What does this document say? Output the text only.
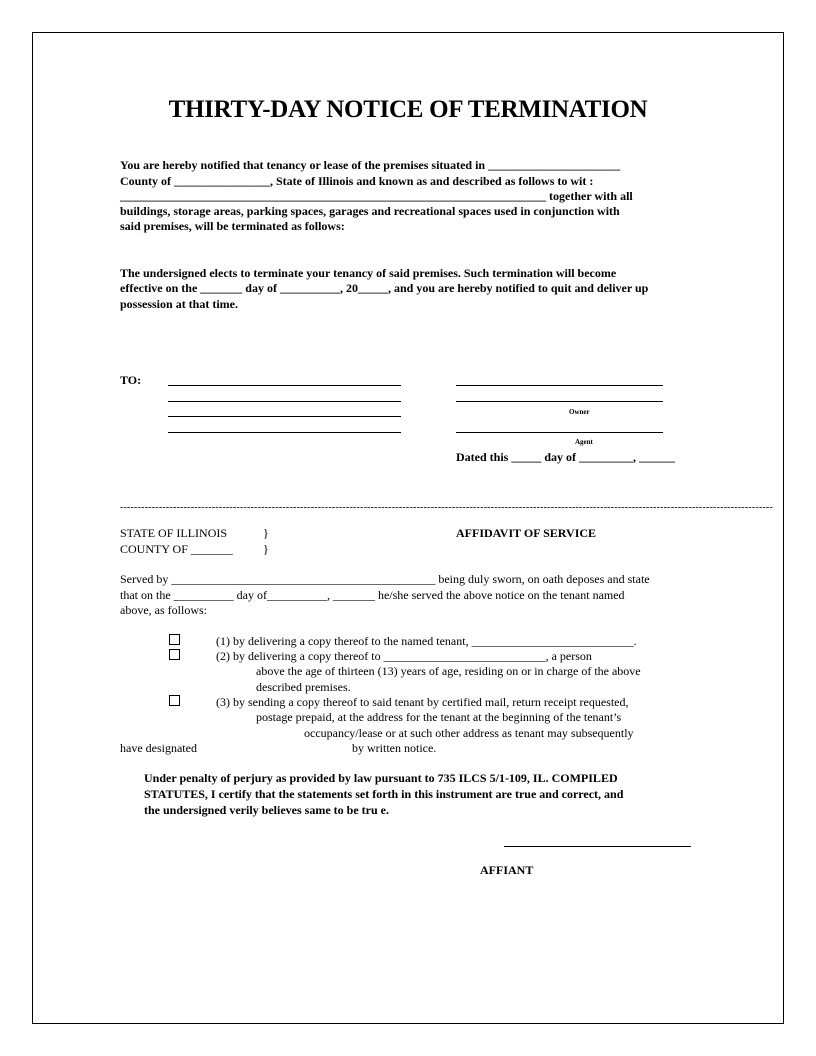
THIRTY-DAY NOTICE OF TERMINATION
You are hereby notified that tenancy or lease of the premises situated in ______________________
County of ________________, State of Illinois and known as and described as follows to wit :
_______________________________________________________________________ together with all
buildings, storage areas, parking spaces, garages and recreational spaces used in conjunction with
said premises, will be terminated as follows:
The undersigned elects to terminate your tenancy of said premises. Such termination will become
effective on the _______ day of __________, 20_____, and you are hereby notified to quit and deliver up
possession at that time.
TO:
Owner
Agent
Dated this _____ day of _________, ______
-----------------------------------------------------------------------------------------------------------------------------------------------------------------------------------------
STATE OF ILLINOIS	}
COUNTY OF _______	}
AFFIDAVIT OF SERVICE
Served by ____________________________________________ being duly sworn, on oath deposes and state
that on the __________ day of__________, _______ he/she served the above notice on the tenant named
above, as follows:
(1) by delivering a copy thereof to the named tenant, ___________________________.
(2) by delivering a copy thereof to ___________________________, a person
above the age of thirteen (13) years of age, residing on or in charge of the above
described premises.
(3) by sending a copy thereof to said tenant by certified mail, return receipt requested,
postage prepaid, at the address for the tenant at the beginning of the tenant’s
occupancy/lease or at such other address as tenant may subsequently
have designated	by written notice.
Under penalty of perjury as provided by law pursuant to 735 ILCS 5/1-109, IL. COMPILED
STATUTES, I certify that the statements set forth in this instrument are true and correct, and
the undersigned verily believes same to be tru e.
AFFIANT
